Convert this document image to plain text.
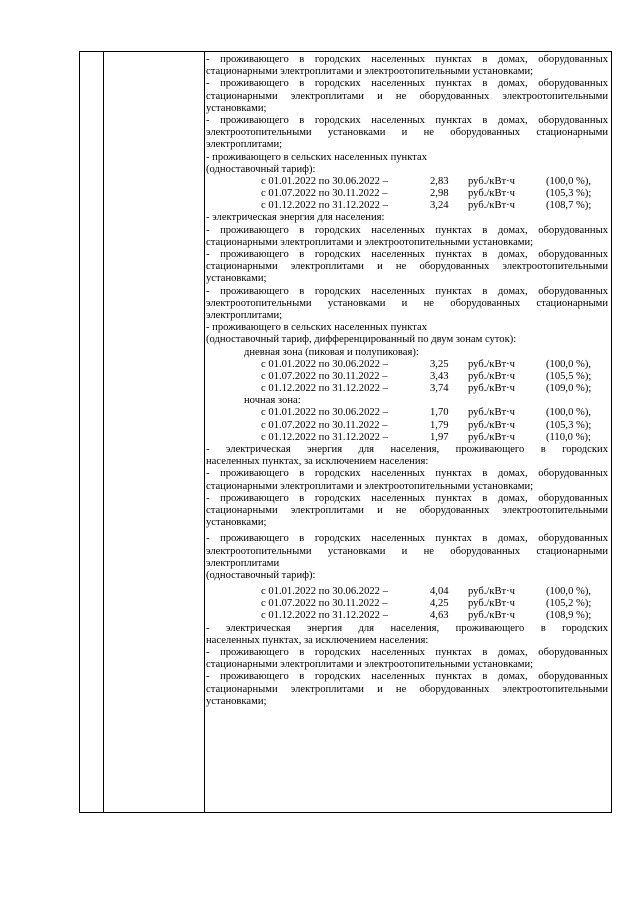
- проживающего в городских населенных пунктах в домах, оборудованных
стационарными электроплитами и электроотопительными установками;
- проживающего в городских населенных пунктах в домах, оборудованных
стационарными электроплитами и не оборудованных электроотопительными
установками;
- проживающего в городских населенных пунктах в домах, оборудованных
электроотопительными установками и не оборудованных стационарными
электроплитами;
- проживающего в сельских населенных пунктах
(одноставочный тариф):
с 01.01.2022 по 30.06.2022 –	2,83 руб./кВт·ч	(100,0 %),
с 01.07.2022 по 30.11.2022 –	2,98 руб./кВт·ч	(105,3 %);
с 01.12.2022 по 31.12.2022 –	3,24 руб./кВт·ч	(108,7 %);
- электрическая энергия для населения:
- проживающего в городских населенных пунктах в домах, оборудованных
стационарными электроплитами и электроотопительными установками;
- проживающего в городских населенных пунктах в домах, оборудованных
стационарными электроплитами и не оборудованных электроотопительными
установками;
- проживающего в городских населенных пунктах в домах, оборудованных
электроотопительными установками и не оборудованных стационарными
электроплитами;
- проживающего в сельских населенных пунктах
(одноставочный тариф, дифференцированный по двум зонам суток):
дневная зона (пиковая и полупиковая):
с 01.01.2022 по 30.06.2022 –	3,25 руб./кВт·ч	(100,0 %),
с 01.07.2022 по 30.11.2022 –	3,43 руб./кВт·ч	(105,5 %);
с 01.12.2022 по 31.12.2022 –	3,74 руб./кВт·ч	(109,0 %);
ночная зона:
с 01.01.2022 по 30.06.2022 –	1,70 руб./кВт·ч	(100,0 %),
с 01.07.2022 по 30.11.2022 –	1,79 руб./кВт·ч	(105,3 %);
с 01.12.2022 по 31.12.2022 –	1,97 руб./кВт·ч	(110,0 %);
- электрическая энергия для населения, проживающего в городских
населенных пунктах, за исключением населения:
- проживающего в городских населенных пунктах в домах, оборудованных
стационарными электроплитами и электроотопительными установками;
- проживающего в городских населенных пунктах в домах, оборудованных
стационарными электроплитами и не оборудованных электроотопительными
установками;
- проживающего в городских населенных пунктах в домах, оборудованных
электроотопительными установками и не оборудованных стационарными
электроплитами
(одноставочный тариф):
с 01.01.2022 по 30.06.2022 –	4,04 руб./кВт·ч	(100,0 %),
с 01.07.2022 по 30.11.2022 –	4,25 руб./кВт·ч	(105,2 %);
с 01.12.2022 по 31.12.2022 –	4,63 руб./кВт·ч	(108,9 %);
- электрическая энергия для населения, проживающего в городских
населенных пунктах, за исключением населения:
- проживающего в городских населенных пунктах в домах, оборудованных
стационарными электроплитами и электроотопительными установками;
- проживающего в городских населенных пунктах в домах, оборудованных
стационарными электроплитами и не оборудованных электроотопительными
установками;
